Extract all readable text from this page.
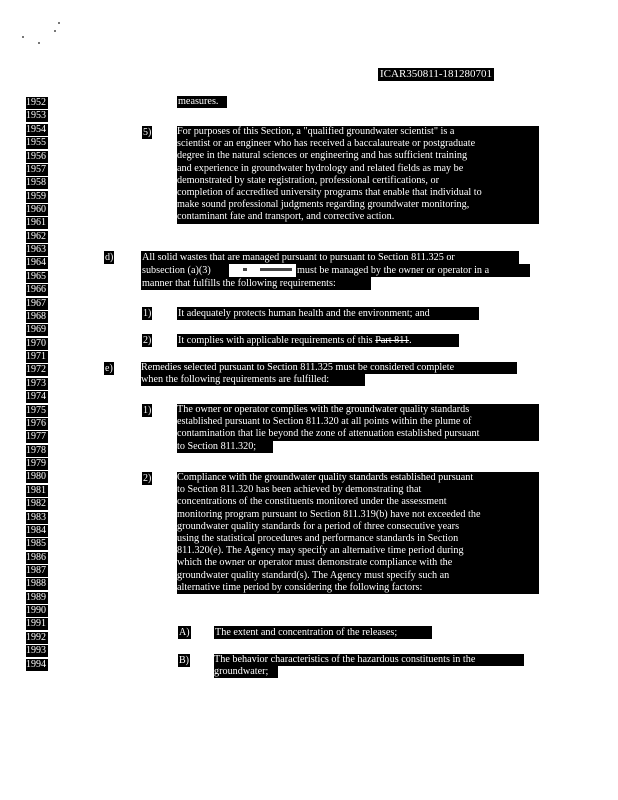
ICAR350811-181280701
1952
1953
1954
1955
1956
1957
1958
1959
1960
1961
1962
1963
1964
1965
1966
1967
1968
1969
1970
1971
1972
1973
1974
1975
1976
1977
1978
1979
1980
1981
1982
1983
1984
1985
1986
1987
1988
1989
1990
1991
1992
1993
1994
measures.
5)	For purposes of this Section, a "qualified groundwater scientist" is a
scientist or an engineer who has received a baccalaureate or postgraduate
degree in the natural sciences or engineering and has sufficient training
and experience in groundwater hydrology and related fields as may be
demonstrated by state registration, professional certifications, or
completion of accredited university programs that enable that individual to
make sound professional judgments regarding groundwater monitoring,
contaminant fate and transport, and corrective action.
d)	All solid wastes that are managed pursuant to pursuant to Section 811.325 or
subsection (a)(3)	must be managed by the owner or operator in a
manner that fulfills the following requirements:
1)	It adequately protects human health and the environment; and
2)	It complies with applicable requirements of this Part 811.
e)	Remedies selected pursuant to Section 811.325 must be considered complete
when the following requirements are fulfilled:
1)	The owner or operator complies with the groundwater quality standards
established pursuant to Section 811.320 at all points within the plume of
contamination that lie beyond the zone of attenuation established pursuant
to Section 811.320;
2)	Compliance with the groundwater quality standards established pursuant
to Section 811.320 has been achieved by demonstrating that
concentrations of the constituents monitored under the assessment
monitoring program pursuant to Section 811.319(b) have not exceeded the
groundwater quality standards for a period of three consecutive years
using the statistical procedures and performance standards in Section
811.320(e). The Agency may specify an alternative time period during
which the owner or operator must demonstrate compliance with the
groundwater quality standard(s). The Agency must specify such an
alternative time period by considering the following factors:
A) The extent and concentration of the releases;
B) The behavior characteristics of the hazardous constituents in the
groundwater;
